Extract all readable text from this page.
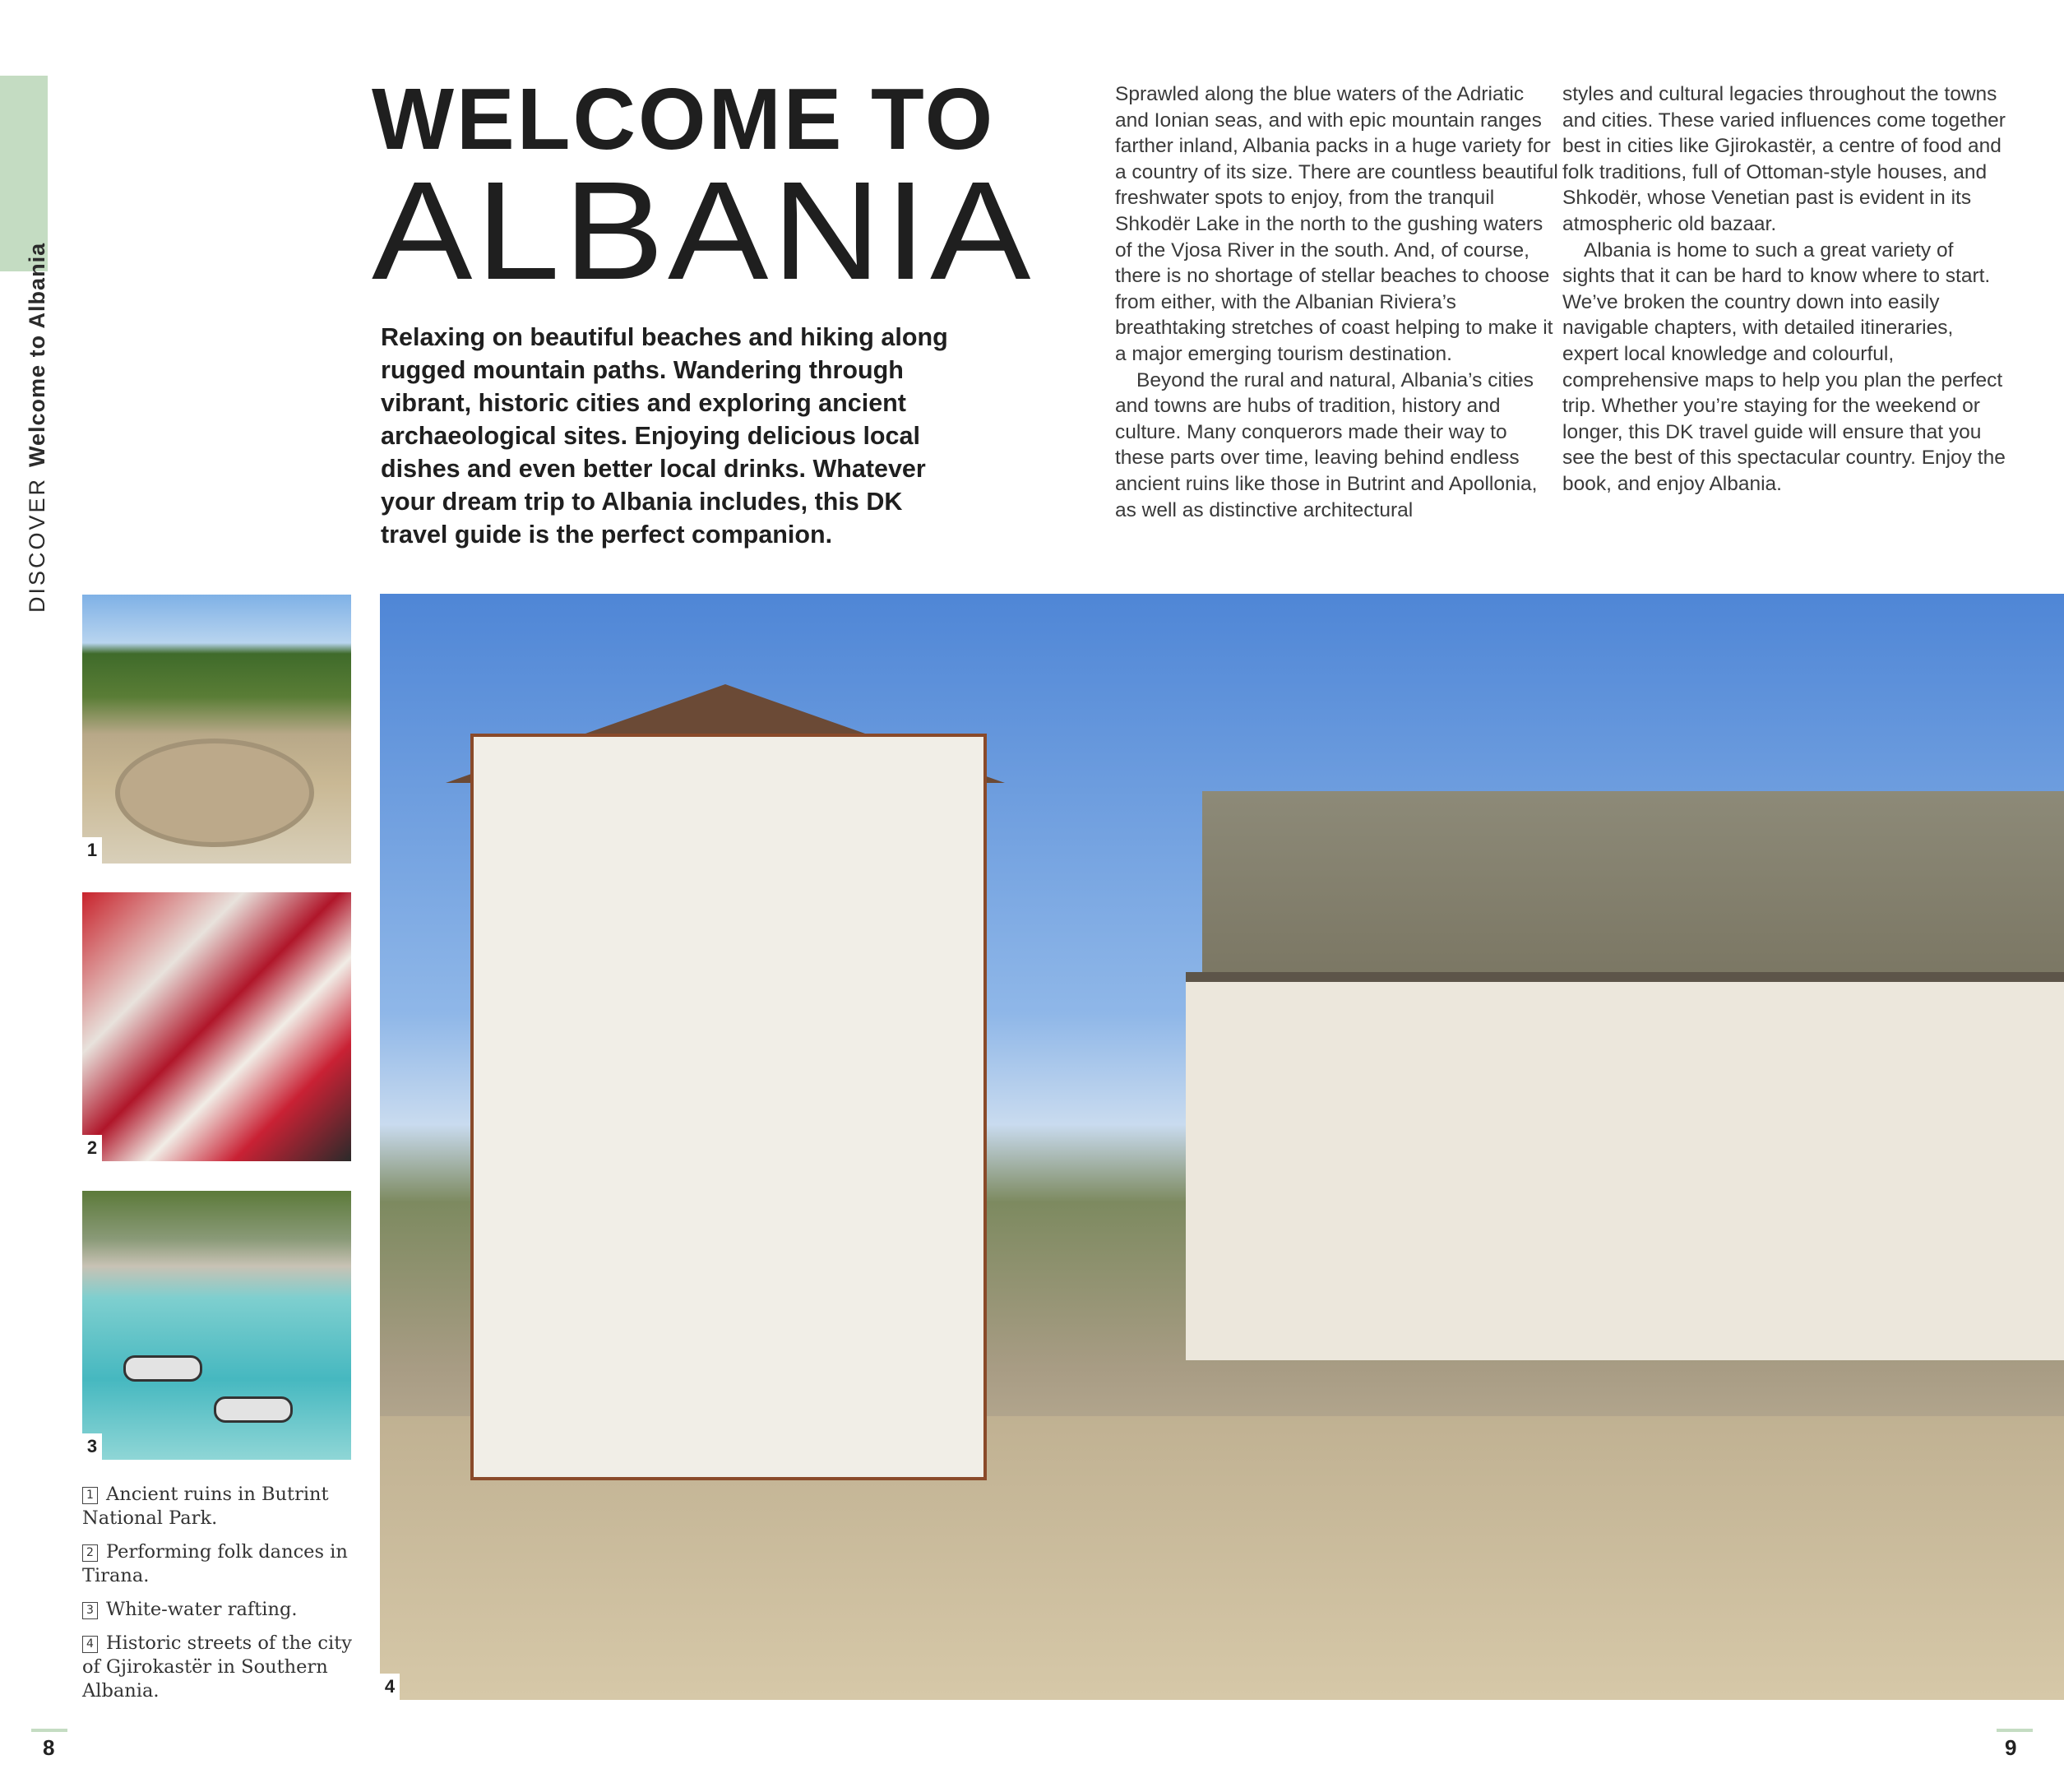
DISCOVERWelcome to Albania
WELCOME TO
ALBANIA
Relaxing on beautiful beaches and hiking along rugged mountain paths. Wandering through vibrant, historic cities and exploring ancient archaeological sites. Enjoying delicious local dishes and even better local drinks. Whatever your dream trip to Albania includes, this DK travel guide is the perfect companion.

Sprawled along the blue waters of the Adriatic and Ionian seas, and with epic mountain ranges farther inland, Albania packs in a huge variety for a country of its size. There are countless beautiful freshwater spots to enjoy, from the tranquil Shkodër Lake in the north to the gushing waters of the Vjosa River in the south. And, of course, there is no shortage of stellar beaches to choose from either, with the Albanian Riviera’s breathtaking stretches of coast helping to make it a major emerging tourism destination.

Beyond the rural and natural, Albania’s cities and towns are hubs of tradition, history and culture. Many conquerors made their way to these parts over time, leaving behind endless ancient ruins like those in Butrint and Apollonia, as well as distinctive architectural

styles and cultural legacies throughout the towns and cities. These varied influences come together best in cities like Gjirokastër, a centre of food and folk traditions, full of Ottoman-style houses, and Shkodër, whose Venetian past is evident in its atmospheric old bazaar.

Albania is home to such a great variety of sights that it can be hard to know where to start. We’ve broken the country down into easily navigable chapters, with detailed itineraries, expert local knowledge and colourful, comprehensive maps to help you plan the perfect trip. Whether you’re staying for the weekend or longer, this DK travel guide will ensure that you see the best of this spectacular country. Enjoy the book, and enjoy Albania.

1
2
3
4
1 Ancient ruins in Butrint National Park.
2 Performing folk dances in Tirana.
3 White-water rafting.
4 Historic streets of the city of Gjirokastër in Southern Albania.
8	9
